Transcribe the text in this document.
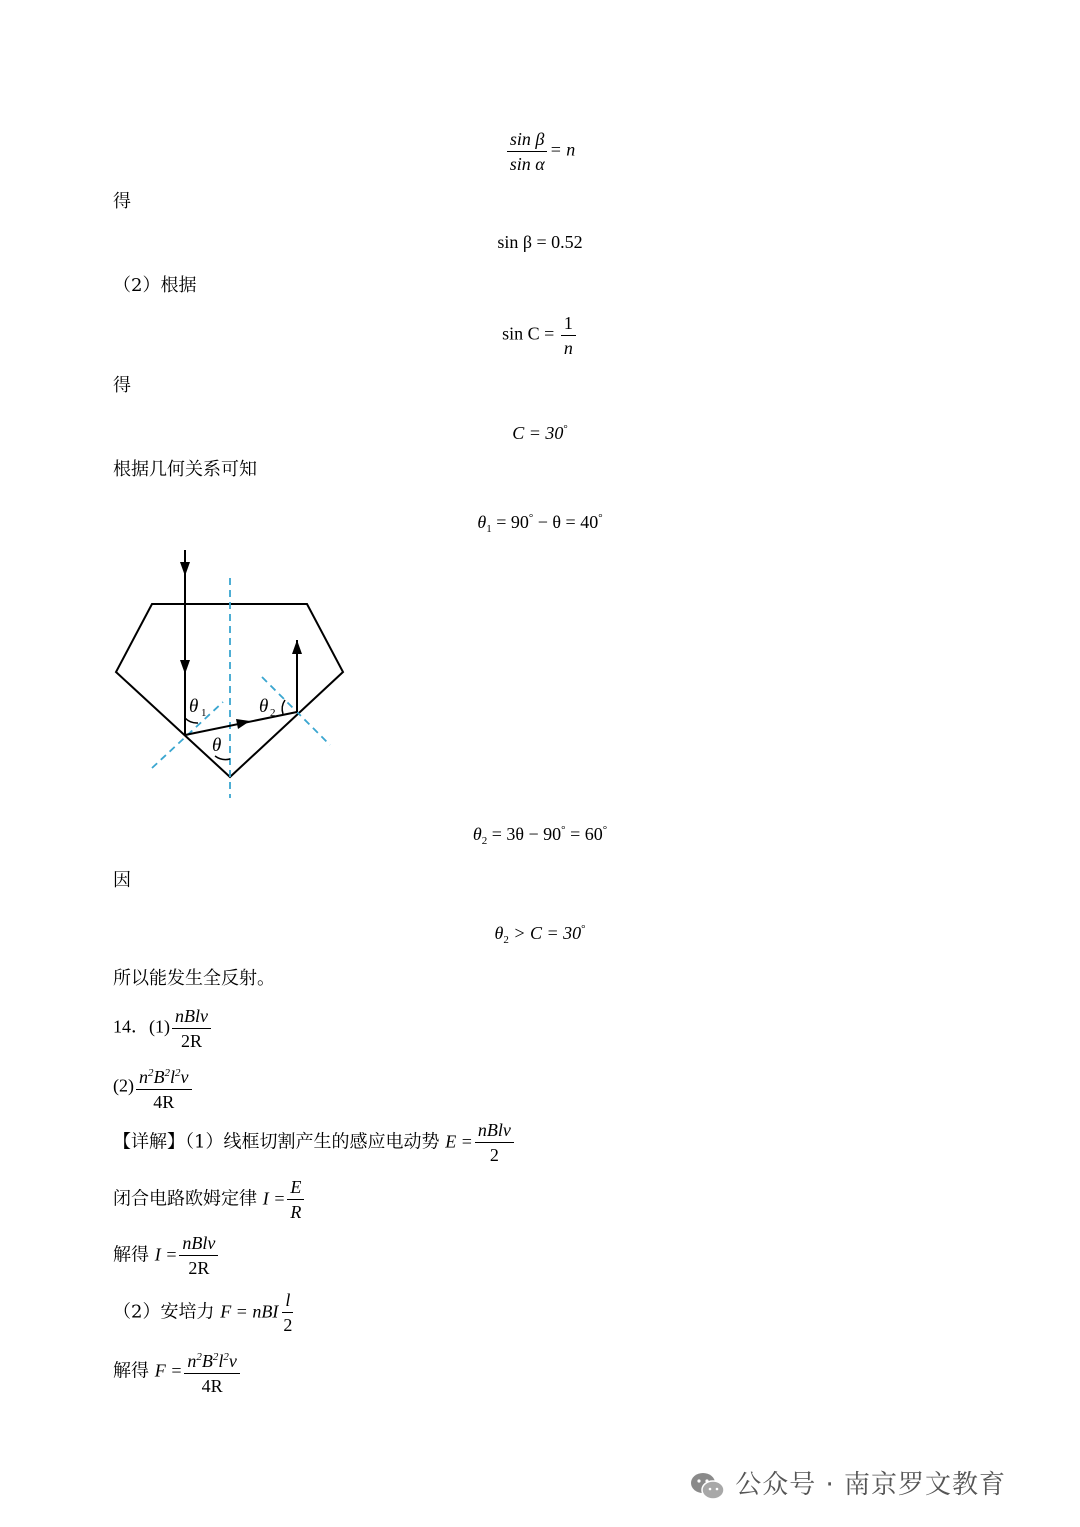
$\frac{\text{sin β}}{\text{sin α}} = n$
得
sin β = 0.52
（2）根据
$\sin C = \frac{1}{n}$
得
C = 30°
根据几何关系可知
$\theta_1 = 90^\circ - \theta = 40^\circ$
θ 1	θ 2
θ
$\theta_2 = 3\theta - 90^\circ = 60^\circ$
因
$\theta_2 > C = 30^\circ$
所以能发生全反射。
14．$(1) \frac{\text{nBlv}}{2R}$
$(2) \frac{n^2B^2l^2v}{4R}$
【详解】（1）线框切割产生的感应电动势 $E = \frac{\text{nBlv}}{2}$
闭合电路欧姆定律 $I = \frac{E}{R}$
解得 $I = \frac{\text{nBlv}}{2R}$
（2）安培力 F = nBI $\frac{l}{2}$
解得 $F = \frac{n^2B^2l^2v}{4R}$
公众号 · 南京罗文教育
